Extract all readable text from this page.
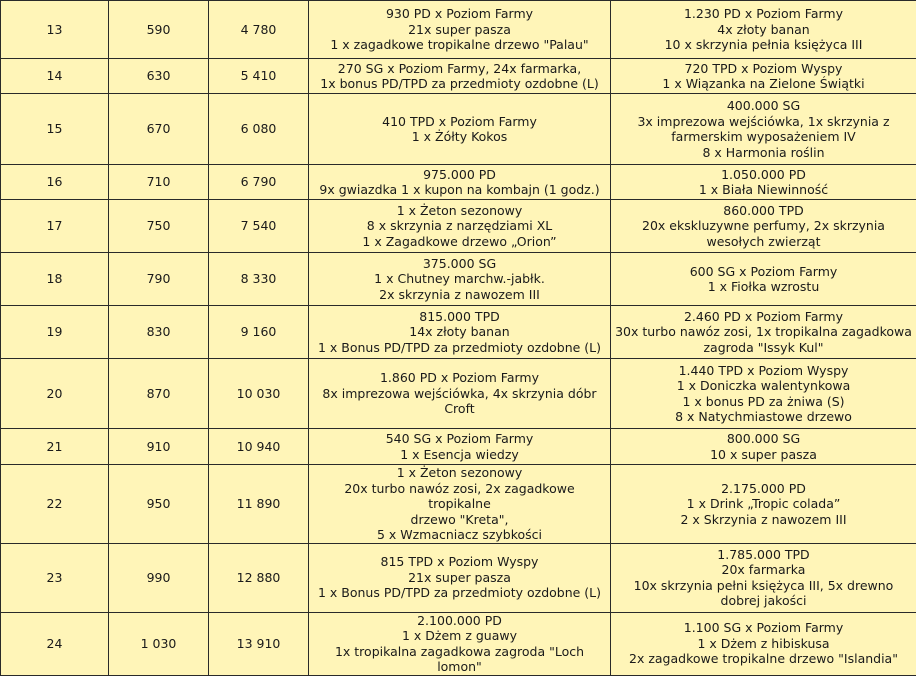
13	590	4 780	930 PD x Poziom Farmy
21x super pasza
1 x zagadkowe tropikalne drzewo "Palau"	1.230 PD x Poziom Farmy
4x złoty banan
10 x skrzynia pełnia księżyca III
14	630	5 410	270 SG x Poziom Farmy, 24x farmarka,
1x bonus PD/TPD za przedmioty ozdobne (L)	720 TPD x Poziom Wyspy
1 x Wiązanka na Zielone Świątki
15	670	6 080	410 TPD x Poziom Farmy
1 x Żółty Kokos	400.000 SG
3x imprezowa wejściówka, 1x skrzynia z
farmerskim wyposażeniem IV
8 x Harmonia roślin
16	710	6 790	975.000 PD
9x gwiazdka 1 x kupon na kombajn (1 godz.)	1.050.000 PD
1 x Biała Niewinność
17	750	7 540	1 x Żeton sezonowy
8 x skrzynia z narzędziami XL
1 x Zagadkowe drzewo „Orion”	860.000 TPD
20x ekskluzywne perfumy, 2x skrzynia
wesołych zwierząt
18	790	8 330	375.000 SG
1 x Chutney marchw.-jabłk.
2x skrzynia z nawozem III	600 SG x Poziom Farmy
1 x Fiołka wzrostu
19	830	9 160	815.000 TPD
14x złoty banan
1 x Bonus PD/TPD za przedmioty ozdobne (L)	2.460 PD x Poziom Farmy
30x turbo nawóz zosi, 1x tropikalna zagadkowa
zagroda "Issyk Kul"
20	870	10 030	1.860 PD x Poziom Farmy
8x imprezowa wejściówka, 4x skrzynia dóbr
Croft	1.440 TPD x Poziom Wyspy
1 x Doniczka walentynkowa
1 x bonus PD za żniwa (S)
8 x Natychmiastowe drzewo
21	910	10 940	540 SG x Poziom Farmy
1 x Esencja wiedzy	800.000 SG
10 x super pasza
22	950	11 890	1 x Żeton sezonowy
20x turbo nawóz zosi, 2x zagadkowe tropikalne
drzewo "Kreta",
5 x Wzmacniacz szybkości	2.175.000 PD
1 x Drink „Tropic colada”
2 x Skrzynia z nawozem III
23	990	12 880	815 TPD x Poziom Wyspy
21x super pasza
1 x Bonus PD/TPD za przedmioty ozdobne (L)	1.785.000 TPD
20x farmarka
10x skrzynia pełni księżyca III, 5x drewno
dobrej jakości
24	1 030	13 910	2.100.000 PD
1 x Dżem z guawy
1x tropikalna zagadkowa zagroda "Loch lomon"	1.100 SG x Poziom Farmy
1 x Dżem z hibiskusa
2x zagadkowe tropikalne drzewo "Islandia"
